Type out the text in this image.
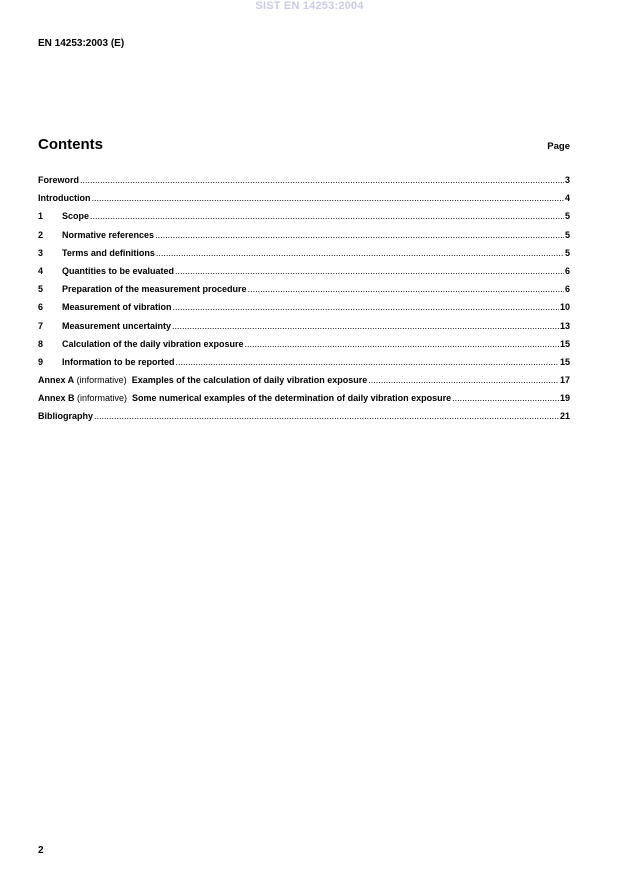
SIST EN 14253:2004
EN 14253:2003 (E)
Contents	Page
Foreword .....	3
Introduction .....	4
1	Scope .....	5
2	Normative references .....	5
3	Terms and definitions .....	5
4	Quantities to be evaluated .....	6
5	Preparation of the measurement procedure .....	6
6	Measurement of vibration .....	10
7	Measurement uncertainty .....	13
8	Calculation of the daily vibration exposure .....	15
9	Information to be reported .....	15
Annex A (informative) Examples of the calculation of daily vibration exposure .....	17
Annex B (informative) Some numerical examples of the determination of daily vibration exposure .....	19
Bibliography .....	21
2
